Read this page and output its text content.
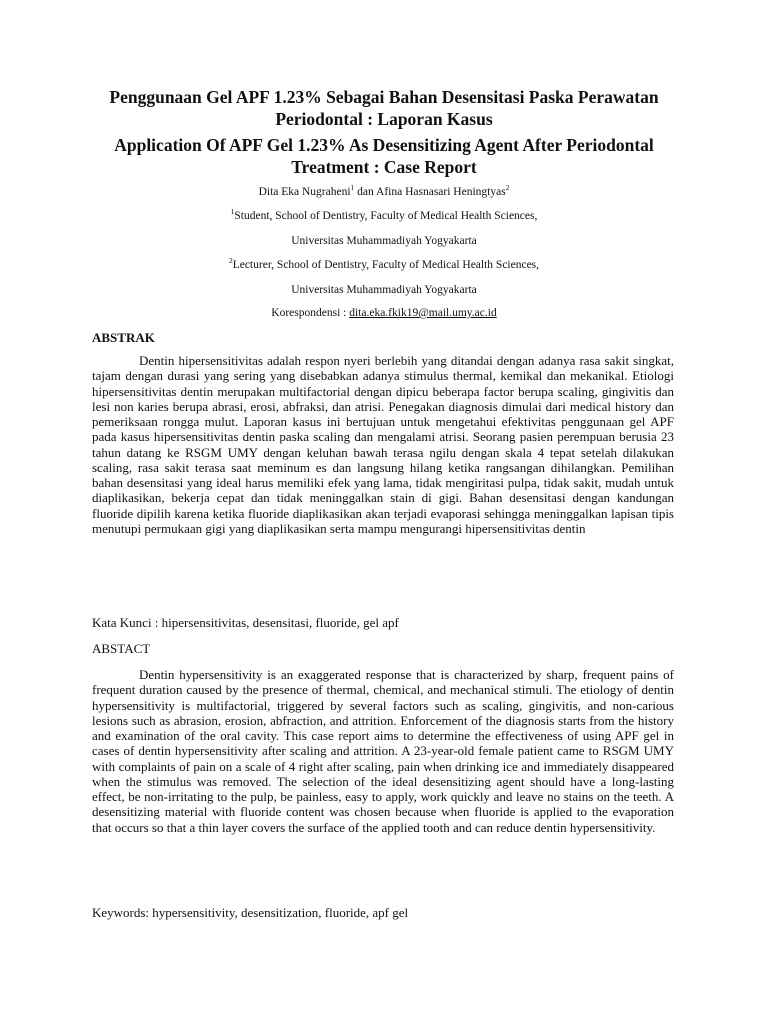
Penggunaan Gel APF 1.23% Sebagai Bahan Desensitasi Paska Perawatan Periodontal : Laporan Kasus
Application Of APF Gel 1.23% As Desensitizing Agent After Periodontal Treatment : Case Report

Dita Eka Nugraheni$^1$ dan Afina Hasnasari Heningtyas$^2$

$^1$Student, School of Dentistry, Faculty of Medical Health Sciences,

Universitas Muhammadiyah Yogyakarta

$^2$Lecturer, School of Dentistry, Faculty of Medical Health Sciences,

Universitas Muhammadiyah Yogyakarta

Korespondensi : dita.eka.fkik19@mail.umy.ac.id

ABSTRAK

Dentin hipersensitivitas adalah respon nyeri berlebih yang ditandai dengan adanya rasa sakit singkat, tajam dengan durasi yang sering yang disebabkan adanya stimulus thermal, kemikal dan mekanikal. Etiologi hipersensitivitas dentin merupakan multifactorial dengan dipicu beberapa factor berupa scaling, gingivitis dan lesi non karies berupa abrasi, erosi, abfraksi, dan atrisi. Penegakan diagnosis dimulai dari medical history dan pemeriksaan rongga mulut. Laporan kasus ini bertujuan untuk mengetahui efektivitas penggunaan gel APF pada kasus hipersensitivitas dentin paska scaling dan mengalami atrisi. Seorang pasien perempuan berusia 23 tahun datang ke RSGM UMY dengan keluhan bawah terasa ngilu dengan skala 4 tepat setelah dilakukan scaling, rasa sakit terasa saat meminum es dan langsung hilang ketika rangsangan dihilangkan. Pemilihan bahan desensitasi yang ideal harus memiliki efek yang lama, tidak mengiritasi pulpa, tidak sakit, mudah untuk diaplikasikan, bekerja cepat dan tidak meninggalkan stain di gigi. Bahan desensitasi dengan kandungan fluoride dipilih karena ketika fluoride diaplikasikan akan terjadi evaporasi sehingga meninggalkan lapisan tipis menutupi permukaan gigi yang diaplikasikan serta mampu mengurangi hipersensitivitas dentin

Kata Kunci : hipersensitivitas, desensitasi, fluoride, gel apf

ABSTACT

Dentin hypersensitivity is an exaggerated response that is characterized by sharp, frequent pains of frequent duration caused by the presence of thermal, chemical, and mechanical stimuli. The etiology of dentin hypersensitivity is multifactorial, triggered by several factors such as scaling, gingivitis, and non-carious lesions such as abrasion, erosion, abfraction, and attrition. Enforcement of the diagnosis starts from the history and examination of the oral cavity. This case report aims to determine the effectiveness of using APF gel in cases of dentin hypersensitivity after scaling and attrition. A 23-year-old female patient came to RSGM UMY with complaints of pain on a scale of 4 right after scaling, pain when drinking ice and immediately disappeared when the stimulus was removed. The selection of the ideal desensitizing agent should have a long-lasting effect, be non-irritating to the pulp, be painless, easy to apply, work quickly and leave no stains on the teeth. A desensitizing material with fluoride content was chosen because when fluoride is applied to the evaporation that occurs so that a thin layer covers the surface of the applied tooth and can reduce dentin hypersensitivity.

Keywords: hypersensitivity, desensitization, fluoride, apf gel
